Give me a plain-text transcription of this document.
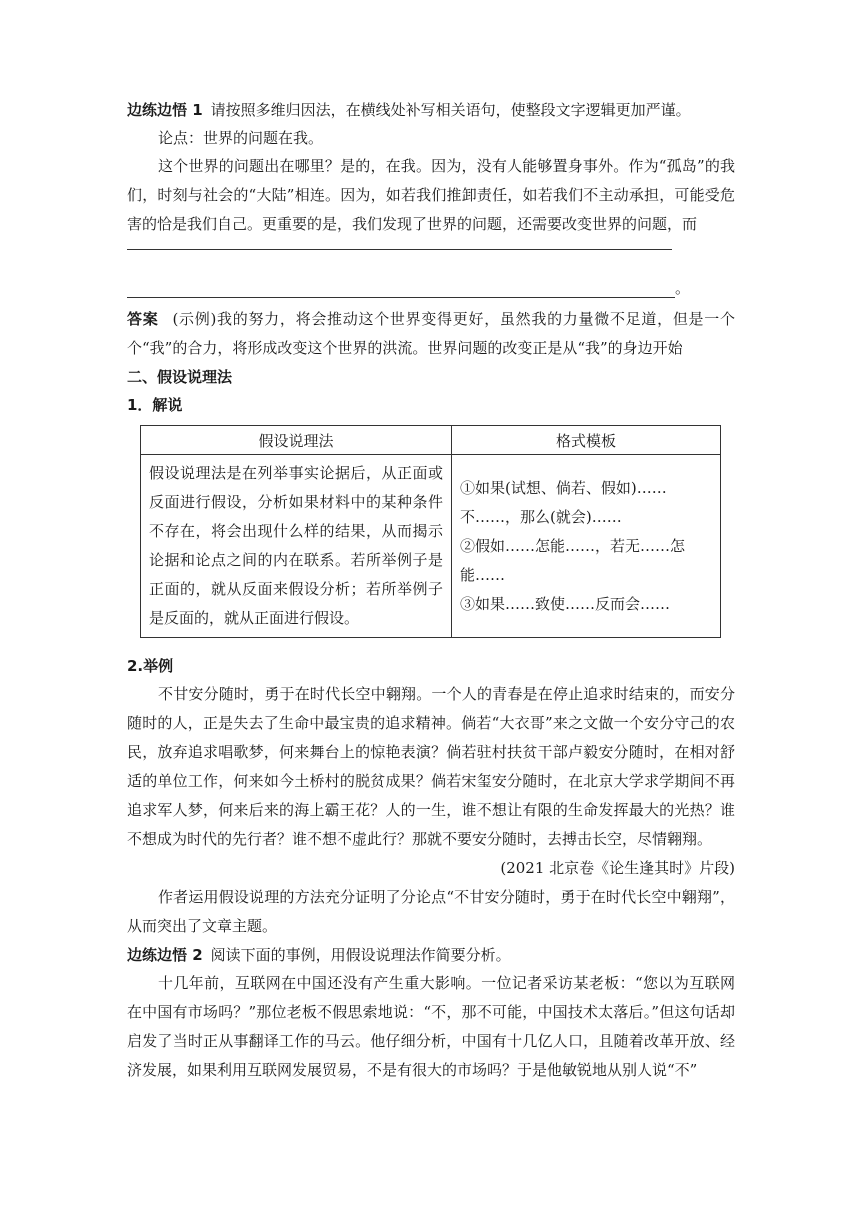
边练边悟 1 请按照多维归因法，在横线处补写相关语句，使整段文字逻辑更加严谨。

论点：世界的问题在我。

这个世界的问题出在哪里？是的，在我。因为，没有人能够置身事外。作为“孤岛”的我们，时刻与社会的“大陆”相连。因为，如若我们推卸责任，如若我们不主动承担，可能受危害的恰是我们自己。更重要的是，我们发现了世界的问题，还需要改变世界的问题，而

。

答案 (示例)我的努力，将会推动这个世界变得更好，虽然我的力量微不足道，但是一个个“我”的合力，将形成改变这个世界的洪流。世界问题的改变正是从“我”的身边开始

二、假设说理法

1．解说

假设说理法	格式模板
假设说理法是在列举事实论据后，从正面或反面进行假设，分析如果材料中的某种条件不存在，将会出现什么样的结果，从而揭示论据和论点之间的内在联系。若所举例子是正面的，就从反面来假设分析；若所举例子是反面的，就从正面进行假设。	①如果(试想、倘若、假如)……不……，那么(就会)……
②假如……怎能……，若无……怎能……
③如果……致使……反而会……

2.举例

不甘安分随时，勇于在时代长空中翱翔。一个人的青春是在停止追求时结束的，而安分随时的人，正是失去了生命中最宝贵的追求精神。倘若“大衣哥”来之文做一个安分守己的农民，放弃追求唱歌梦，何来舞台上的惊艳表演？倘若驻村扶贫干部卢毅安分随时，在相对舒适的单位工作，何来如今土桥村的脱贫成果？倘若宋玺安分随时，在北京大学求学期间不再追求军人梦，何来后来的海上霸王花？人的一生，谁不想让有限的生命发挥最大的光热？谁不想成为时代的先行者？谁不想不虚此行？那就不要安分随时，去搏击长空，尽情翱翔。

(2021 北京卷《论生逢其时》片段)

作者运用假设说理的方法充分证明了分论点“不甘安分随时，勇于在时代长空中翱翔”，从而突出了文章主题。

边练边悟 2 阅读下面的事例，用假设说理法作简要分析。

十几年前，互联网在中国还没有产生重大影响。一位记者采访某老板：“您以为互联网在中国有市场吗？”那位老板不假思索地说：“不，那不可能，中国技术太落后。”但这句话却启发了当时正从事翻译工作的马云。他仔细分析，中国有十几亿人口，且随着改革开放、经济发展，如果利用互联网发展贸易，不是有很大的市场吗？于是他敏锐地从别人说“不”
